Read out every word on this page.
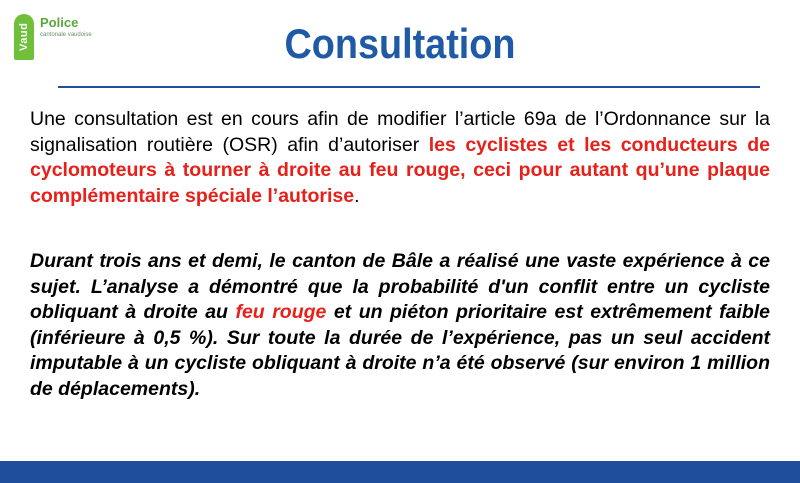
Vaud
Police
cantonale vaudoise	Consultation
Une consultation est en cours afin de modifier l’article 69a de l’Ordonnance sur la signalisation routière (OSR) afin d’autoriser les cyclistes et les conducteurs de cyclomoteurs à tourner à droite au feu rouge, ceci pour autant qu’une plaque complémentaire spéciale l’autorise.
Durant trois ans et demi, le canton de Bâle a réalisé une vaste expérience à ce sujet. L’analyse a démontré que la probabilité d'un conflit entre un cycliste obliquant à droite au feu rouge et un piéton prioritaire est extrêmement faible (inférieure à 0,5 %). Sur toute la durée de l’expérience, pas un seul accident imputable à un cycliste obliquant à droite n’a été observé (sur environ 1 million de déplacements).
